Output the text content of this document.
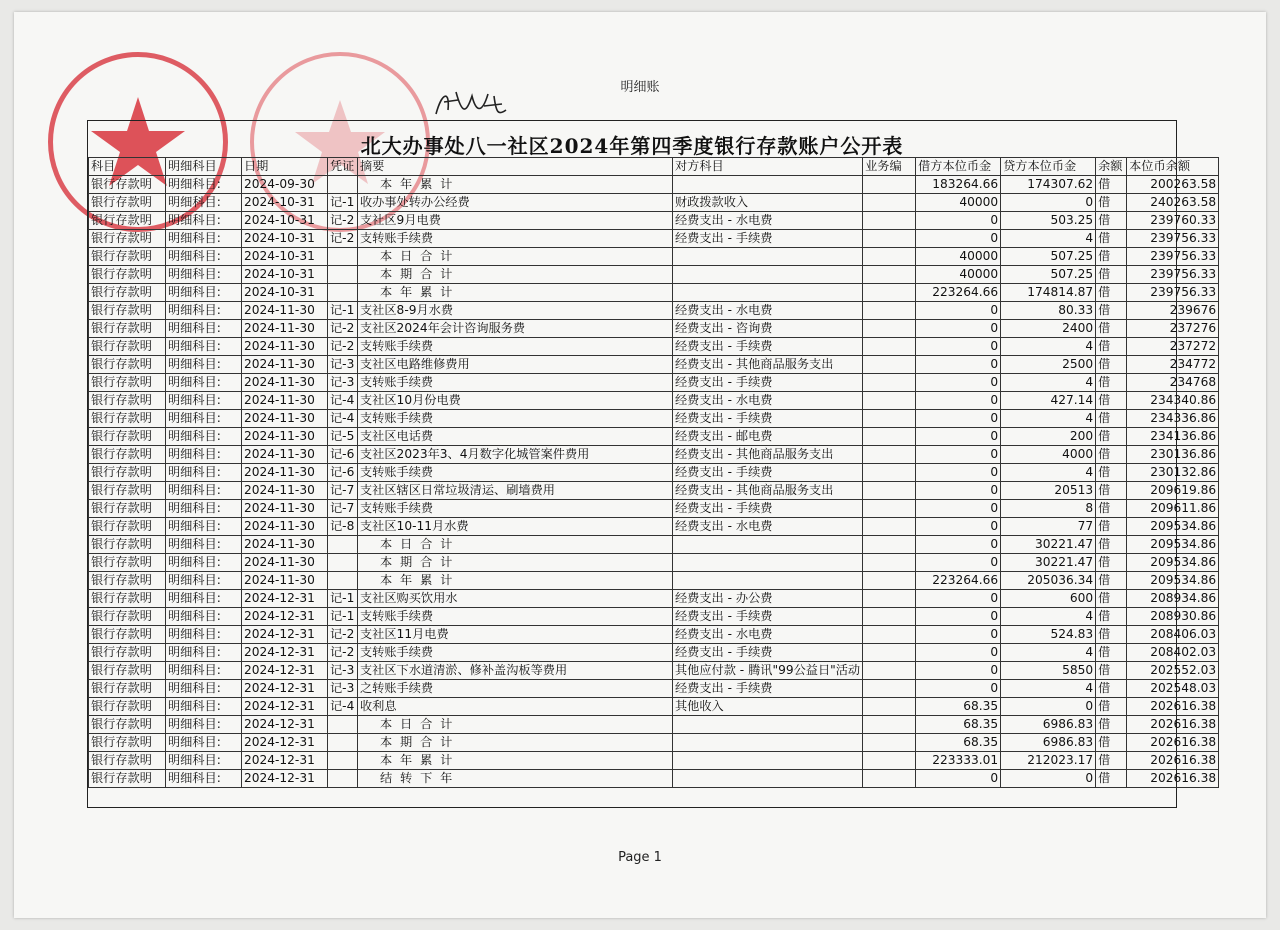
明细账
北大办事处八一社区2024年第四季度银行存款账户公开表
科目	明细科目	日期	凭证	摘要	对方科目	业务编	借方本位币金	贷方本位币金	余额	本位币余额
银行存款明	明细科目:	2024-09-30		本 年 累 计			183264.66	174307.62	借	200263.58
银行存款明	明细科目:	2024-10-31	记-1	收办事处转办公经费	财政拨款收入		40000	0	借	240263.58
银行存款明	明细科目:	2024-10-31	记-2	支社区9月电费	经费支出 - 水电费		0	503.25	借	239760.33
银行存款明	明细科目:	2024-10-31	记-2	支转账手续费	经费支出 - 手续费		0	4	借	239756.33
银行存款明	明细科目:	2024-10-31		本 日 合 计			40000	507.25	借	239756.33
银行存款明	明细科目:	2024-10-31		本 期 合 计			40000	507.25	借	239756.33
银行存款明	明细科目:	2024-10-31		本 年 累 计			223264.66	174814.87	借	239756.33
银行存款明	明细科目:	2024-11-30	记-1	支社区8-9月水费	经费支出 - 水电费		0	80.33	借	239676
银行存款明	明细科目:	2024-11-30	记-2	支社区2024年会计咨询服务费	经费支出 - 咨询费		0	2400	借	237276
银行存款明	明细科目:	2024-11-30	记-2	支转账手续费	经费支出 - 手续费		0	4	借	237272
银行存款明	明细科目:	2024-11-30	记-3	支社区电路维修费用	经费支出 - 其他商品服务支出		0	2500	借	234772
银行存款明	明细科目:	2024-11-30	记-3	支转账手续费	经费支出 - 手续费		0	4	借	234768
银行存款明	明细科目:	2024-11-30	记-4	支社区10月份电费	经费支出 - 水电费		0	427.14	借	234340.86
银行存款明	明细科目:	2024-11-30	记-4	支转账手续费	经费支出 - 手续费		0	4	借	234336.86
银行存款明	明细科目:	2024-11-30	记-5	支社区电话费	经费支出 - 邮电费		0	200	借	234136.86
银行存款明	明细科目:	2024-11-30	记-6	支社区2023年3、4月数字化城管案件费用	经费支出 - 其他商品服务支出		0	4000	借	230136.86
银行存款明	明细科目:	2024-11-30	记-6	支转账手续费	经费支出 - 手续费		0	4	借	230132.86
银行存款明	明细科目:	2024-11-30	记-7	支社区辖区日常垃圾清运、刷墙费用	经费支出 - 其他商品服务支出		0	20513	借	209619.86
银行存款明	明细科目:	2024-11-30	记-7	支转账手续费	经费支出 - 手续费		0	8	借	209611.86
银行存款明	明细科目:	2024-11-30	记-8	支社区10-11月水费	经费支出 - 水电费		0	77	借	209534.86
银行存款明	明细科目:	2024-11-30		本 日 合 计			0	30221.47	借	209534.86
银行存款明	明细科目:	2024-11-30		本 期 合 计			0	30221.47	借	209534.86
银行存款明	明细科目:	2024-11-30		本 年 累 计			223264.66	205036.34	借	209534.86
银行存款明	明细科目:	2024-12-31	记-1	支社区购买饮用水	经费支出 - 办公费		0	600	借	208934.86
银行存款明	明细科目:	2024-12-31	记-1	支转账手续费	经费支出 - 手续费		0	4	借	208930.86
银行存款明	明细科目:	2024-12-31	记-2	支社区11月电费	经费支出 - 水电费		0	524.83	借	208406.03
银行存款明	明细科目:	2024-12-31	记-2	支转账手续费	经费支出 - 手续费		0	4	借	208402.03
银行存款明	明细科目:	2024-12-31	记-3	支社区下水道清淤、修补盖沟板等费用	其他应付款 - 腾讯"99公益日"活动		0	5850	借	202552.03
银行存款明	明细科目:	2024-12-31	记-3	之转账手续费	经费支出 - 手续费		0	4	借	202548.03
银行存款明	明细科目:	2024-12-31	记-4	收利息	其他收入		68.35	0	借	202616.38
银行存款明	明细科目:	2024-12-31		本 日 合 计			68.35	6986.83	借	202616.38
银行存款明	明细科目:	2024-12-31		本 期 合 计			68.35	6986.83	借	202616.38
银行存款明	明细科目:	2024-12-31		本 年 累 计			223333.01	212023.17	借	202616.38
银行存款明	明细科目:	2024-12-31		结 转 下 年			0	0	借	202616.38
Page 1
